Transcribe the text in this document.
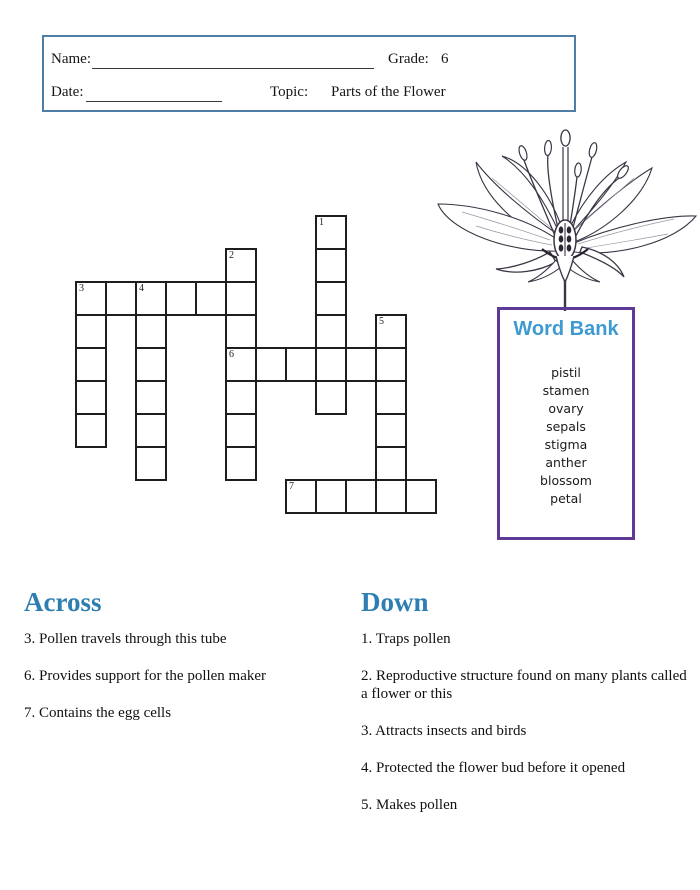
Name:	Grade: 6
Date:	Topic: Parts of the Flower
1
2
6
3	4
5
7
Word Bank
pistil
stamen
ovary
sepals
stigma
anther
blossom
petal
Across

3. Pollen travels through this tube

6. Provides support for the pollen maker

7. Contains the egg cells

Down

1. Traps pollen

2. Reproductive structure found on many plants called a flower or this

3. Attracts insects and birds

4. Protected the flower bud before it opened

5. Makes pollen
